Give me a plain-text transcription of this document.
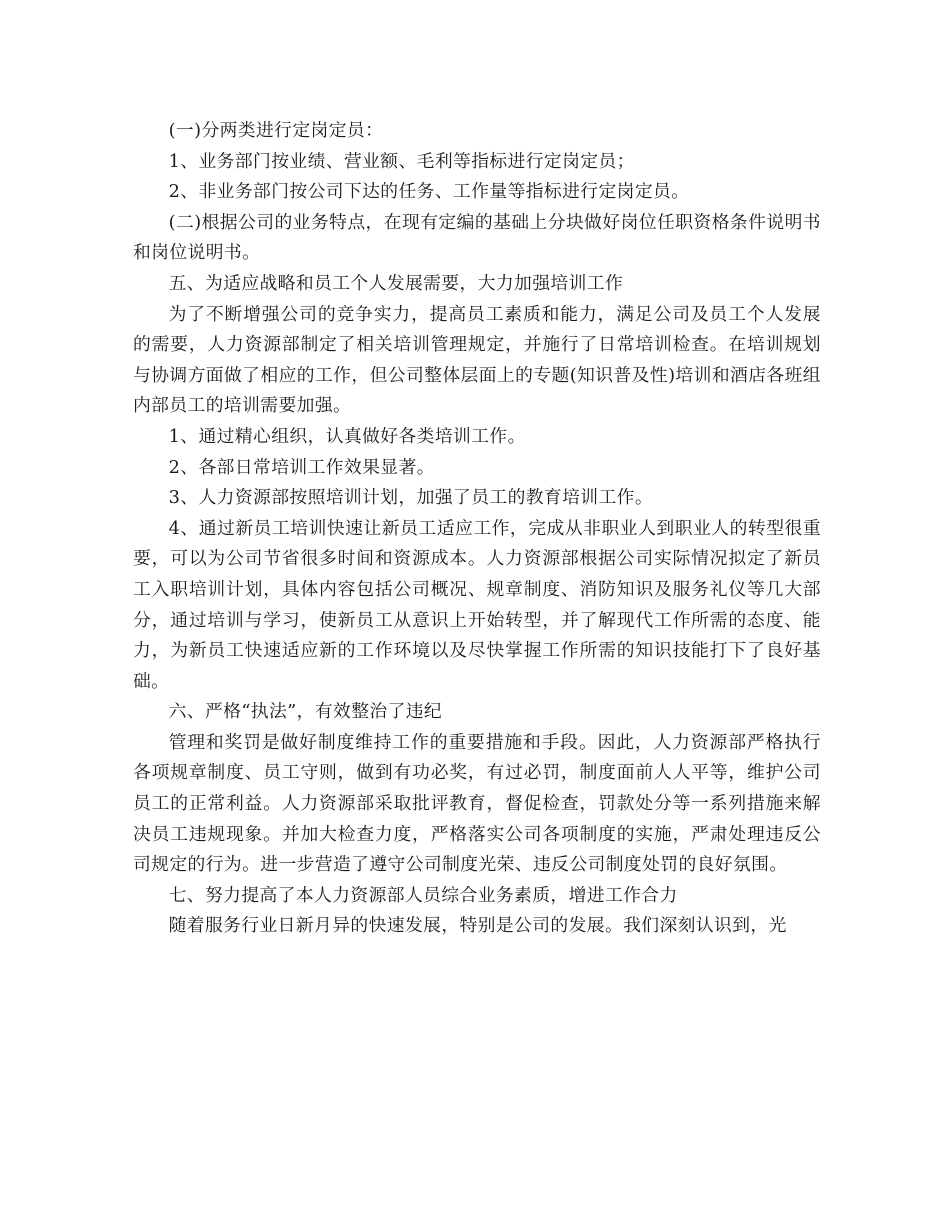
(一)分两类进行定岗定员：

1、业务部门按业绩、营业额、毛利等指标进行定岗定员；

2、非业务部门按公司下达的任务、工作量等指标进行定岗定员。

(二)根据公司的业务特点，在现有定编的基础上分块做好岗位任职资格条件说明书和岗位说明书。

五、为适应战略和员工个人发展需要，大力加强培训工作

为了不断增强公司的竞争实力，提高员工素质和能力，满足公司及员工个人发展的需要，人力资源部制定了相关培训管理规定，并施行了日常培训检查。在培训规划与协调方面做了相应的工作，但公司整体层面上的专题(知识普及性)培训和酒店各班组内部员工的培训需要加强。

1、通过精心组织，认真做好各类培训工作。

2、各部日常培训工作效果显著。

3、人力资源部按照培训计划，加强了员工的教育培训工作。

4、通过新员工培训快速让新员工适应工作，完成从非职业人到职业人的转型很重要，可以为公司节省很多时间和资源成本。人力资源部根据公司实际情况拟定了新员工入职培训计划，具体内容包括公司概况、规章制度、消防知识及服务礼仪等几大部分，通过培训与学习，使新员工从意识上开始转型，并了解现代工作所需的态度、能力，为新员工快速适应新的工作环境以及尽快掌握工作所需的知识技能打下了良好基础。

六、严格“执法”，有效整治了违纪

管理和奖罚是做好制度维持工作的重要措施和手段。因此，人力资源部严格执行各项规章制度、员工守则，做到有功必奖，有过必罚，制度面前人人平等，维护公司员工的正常利益。人力资源部采取批评教育，督促检查，罚款处分等一系列措施来解决员工违规现象。并加大检查力度，严格落实公司各项制度的实施，严肃处理违反公司规定的行为。进一步营造了遵守公司制度光荣、违反公司制度处罚的良好氛围。

七、努力提高了本人力资源部人员综合业务素质，增进工作合力

随着服务行业日新月异的快速发展，特别是公司的发展。我们深刻认识到，光
